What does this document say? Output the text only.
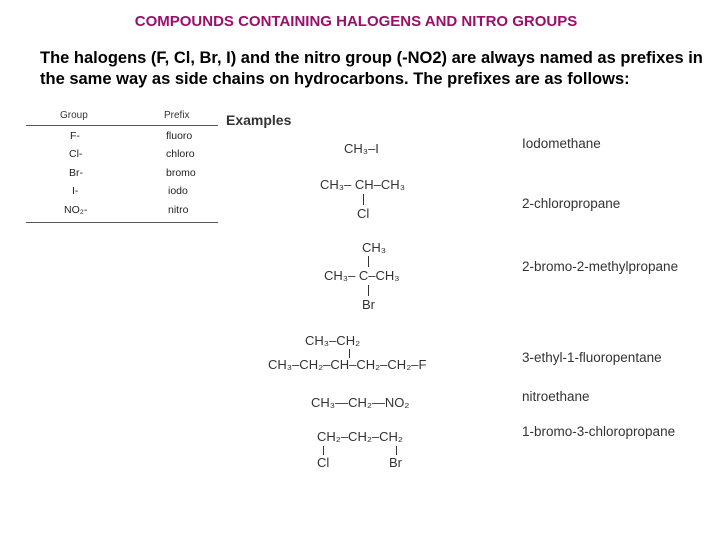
COMPOUNDS CONTAINING HALOGENS AND NITRO GROUPS
The halogens (F, Cl, Br, I) and the nitro group (-NO2) are always named as prefixes in the same way as side chains on hydrocarbons. The prefixes are as follows:
Group	Prefix
F-	fluoro
Cl-	chloro
Br-	bromo
I-	iodo
NO₂-	nitro
Examples
CH₃–I	Iodomethane
CH₃– CH–CH₃
Cl
2-chloropropane
CH₃
CH₃– C–CH₃
Br
2-bromo-2-methylpropane
CH₃–CH₂
CH₃–CH₂–CH–CH₂–CH₂–F	3-ethyl-1-fluoropentane
CH₃—CH₂—NO₂	nitroethane
CH₂–CH₂–CH₂
Cl	Br
1-bromo-3-chloropropane
